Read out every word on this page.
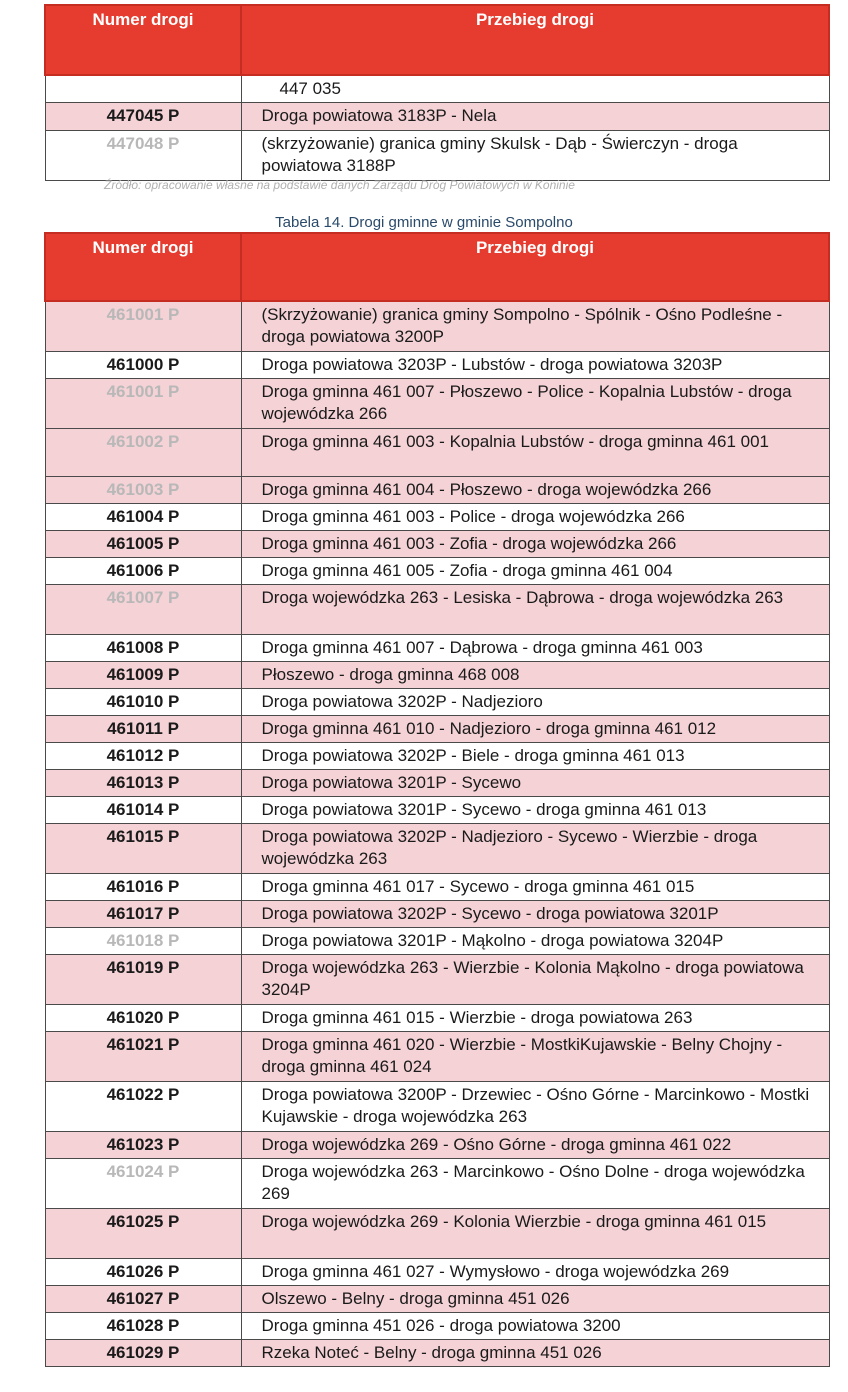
Numer drogi	Przebieg drogi
	447 035
447045 P	Droga powiatowa 3183P - Nela
447048 P	(skrzyżowanie) granica gminy Skulsk - Dąb - Świerczyn - droga powiatowa 3188P
Źródło: opracowanie własne na podstawie danych Zarządu Dróg Powiatowych w Koninie
Tabela 14. Drogi gminne w gminie Sompolno
Numer drogi	Przebieg drogi
461001 P	(Skrzyżowanie) granica gminy Sompolno - Spólnik - Ośno Podleśne - droga powiatowa 3200P
461000 P	Droga powiatowa 3203P - Lubstów - droga powiatowa 3203P
461001 P	Droga gminna 461 007 - Płoszewo - Police - Kopalnia Lubstów - droga wojewódzka 266
461002 P	Droga gminna 461 003 - Kopalnia Lubstów - droga gminna 461 001
461003 P	Droga gminna 461 004 - Płoszewo - droga wojewódzka 266
461004 P	Droga gminna 461 003 - Police - droga wojewódzka 266
461005 P	Droga gminna 461 003 - Zofia - droga wojewódzka 266
461006 P	Droga gminna 461 005 - Zofia - droga gminna 461 004
461007 P	Droga wojewódzka 263 - Lesiska - Dąbrowa - droga wojewódzka 263
461008 P	Droga gminna 461 007 - Dąbrowa - droga gminna 461 003
461009 P	Płoszewo - droga gminna 468 008
461010 P	Droga powiatowa 3202P - Nadjezioro
461011 P	Droga gminna 461 010 - Nadjezioro - droga gminna 461 012
461012 P	Droga powiatowa 3202P - Biele - droga gminna 461 013
461013 P	Droga powiatowa 3201P - Sycewo
461014 P	Droga powiatowa 3201P - Sycewo - droga gminna 461 013
461015 P	Droga powiatowa 3202P - Nadjezioro - Sycewo - Wierzbie - droga wojewódzka 263
461016 P	Droga gminna 461 017 - Sycewo - droga gminna 461 015
461017 P	Droga powiatowa 3202P - Sycewo - droga powiatowa 3201P
461018 P	Droga powiatowa 3201P - Mąkolno - droga powiatowa 3204P
461019 P	Droga wojewódzka 263 - Wierzbie - Kolonia Mąkolno - droga powiatowa 3204P
461020 P	Droga gminna 461 015 - Wierzbie - droga powiatowa 263
461021 P	Droga gminna 461 020 - Wierzbie - MostkiKujawskie - Belny Chojny - droga gminna 461 024
461022 P	Droga powiatowa 3200P - Drzewiec - Ośno Górne - Marcinkowo - Mostki Kujawskie - droga wojewódzka 263
461023 P	Droga wojewódzka 269 - Ośno Górne - droga gminna 461 022
461024 P	Droga wojewódzka 263 - Marcinkowo - Ośno Dolne - droga wojewódzka 269
461025 P	Droga wojewódzka 269 - Kolonia Wierzbie - droga gminna 461 015
461026 P	Droga gminna 461 027 - Wymysłowo - droga wojewódzka 269
461027 P	Olszewo - Belny - droga gminna 451 026
461028 P	Droga gminna 451 026 - droga powiatowa 3200
461029 P	Rzeka Noteć - Belny - droga gminna 451 026
